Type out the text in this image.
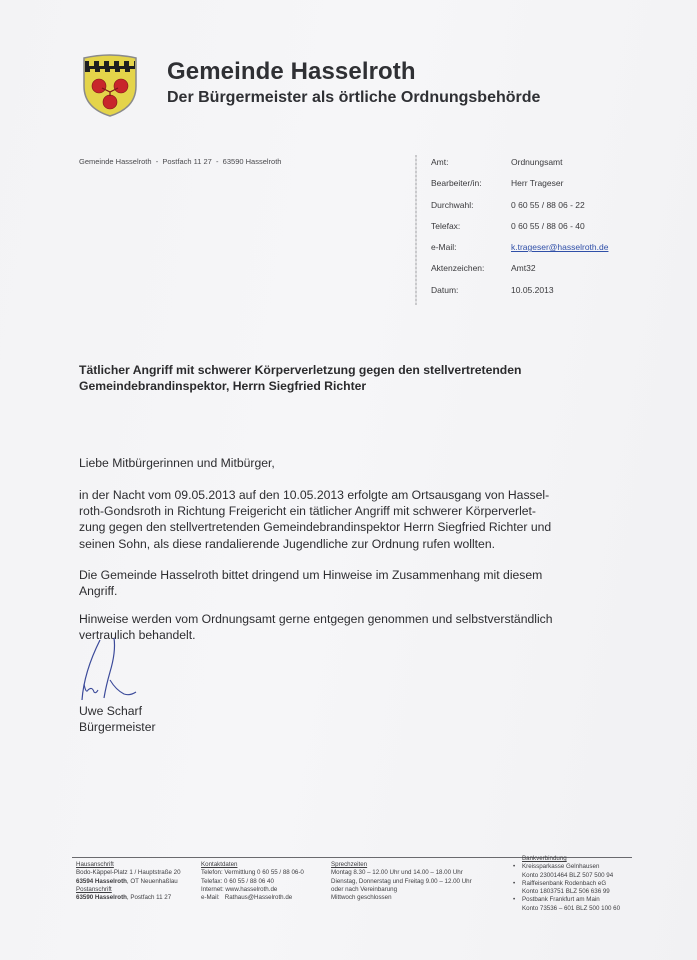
Gemeinde Hasselroth
Der Bürgermeister als örtliche Ordnungsbehörde
Gemeinde Hasselroth  -  Postfach 11 27  -  63590 Hasselroth	Amt:	Ordnungsamt
Bearbeiter/in:	Herr Trageser
Durchwahl:	0 60 55 / 88 06 - 22
Telefax:	0 60 55 / 88 06 - 40
e-Mail:	k.trageser@hasselroth.de
Aktenzeichen:	Amt32
Datum:	10.05.2013
Tätlicher Angriff mit schwerer Körperverletzung gegen den stellvertretenden Gemeindebrandinspektor, Herrn Siegfried Richter
Liebe Mitbürgerinnen und Mitbürger,
in der Nacht vom 09.05.2013 auf den 10.05.2013 erfolgte am Ortsausgang von Hassel-
roth-Gondsroth in Richtung Freigericht ein tätlicher Angriff mit schwerer Körperverlet-
zung gegen den stellvertretenden Gemeindebrandinspektor Herrn Siegfried Richter und
seinen Sohn, als diese randalierende Jugendliche zur Ordnung rufen wollten.
Die Gemeinde Hasselroth bittet dringend um Hinweise im Zusammenhang mit diesem
Angriff.
Hinweise werden vom Ordnungsamt gerne entgegen genommen und selbstverständlich
vertraulich behandelt.
Uwe Scharf
Bürgermeister
Hausanschrift
Bodo-Käppel-Platz 1 / Hauptstraße 20
63594 Hasselroth, OT Neuenhaßlau
Postanschrift
63590 Hasselroth, Postfach 11 27
Kontaktdaten
Telefon: Vermittlung 0 60 55 / 88 06-0
Telefax: 0 60 55 / 88 06 40
Internet: www.hasselroth.de
e-Mail:   Rathaus@Hasselroth.de
Sprechzeiten
Montag 8.30 – 12.00 Uhr und 14.00 – 18.00 Uhr
Dienstag, Donnerstag und Freitag 9.00 – 12.00 Uhr
oder nach Vereinbarung
Mittwoch geschlossen
Bankverbindung
• Kreissparkasse Gelnhausen
Konto 23001464 BLZ 507 500 94
• Raiffeisenbank Rodenbach eG
Konto 1803751 BLZ 506 636 99
• Postbank Frankfurt am Main
Konto 73536 – 601 BLZ 500 100 60
